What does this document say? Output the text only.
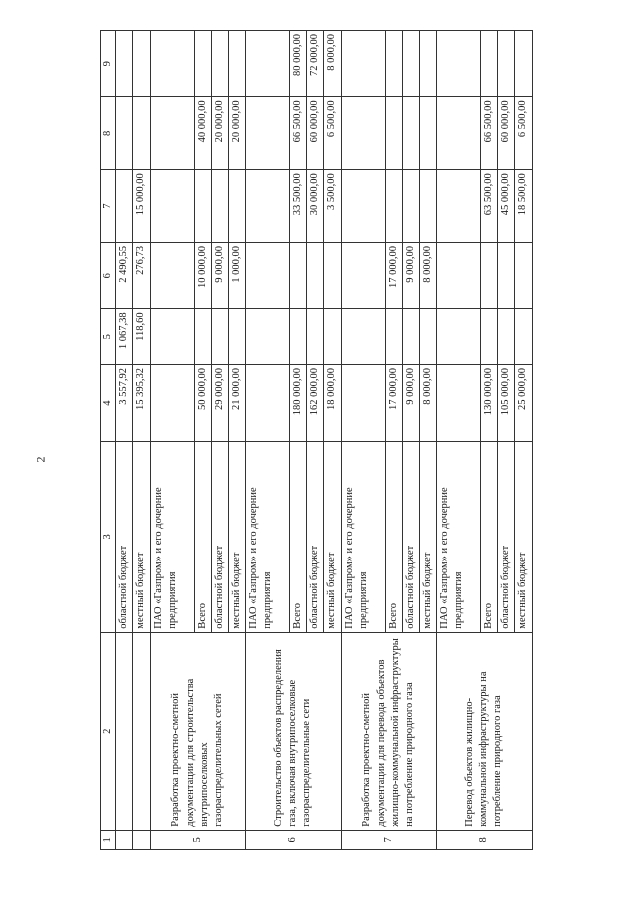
2
1	2	3	4	5	6	7	8	9
		областной бюджет	3 557,92	1 067,38	2 490,55			
		местный бюджет	15 395,32	118,60	276,73	15 000,00		
5	Разработка проектно-сметной документации для строительства внутрипоселковых газораспределительных сетей	ПАО «Газпром» и его дочерние предприятия						
		Всего	50 000,00		10 000,00		40 000,00	
		областной бюджет	29 000,00		9 000,00		20 000,00	
		местный бюджет	21 000,00		1 000,00		20 000,00	
6	Строительство объектов распределения газа, включая внутрипоселковые газораспределительные сети	ПАО «Газпром» и его дочерние предприятия						
		Всего	180 000,00			33 500,00	66 500,00	80 000,00
		областной бюджет	162 000,00			30 000,00	60 000,00	72 000,00
		местный бюджет	18 000,00			3 500,00	6 500,00	8 000,00
7	Разработка проектно-сметной документации для перевода объектов жилищно-коммунальной инфраструктуры на потребление природного газа	ПАО «Газпром» и его дочерние предприятия						
		Всего	17 000,00		17 000,00			
		областной бюджет	9 000,00		9 000,00			
		местный бюджет	8 000,00		8 000,00			
8	Перевод объектов жилищно-коммунальной инфраструктуры на потребление природного газа	ПАО «Газпром» и его дочерние предприятия						
		Всего	130 000,00			63 500,00	66 500,00	
		областной бюджет	105 000,00			45 000,00	60 000,00	
		местный бюджет	25 000,00			18 500,00	6 500,00	
